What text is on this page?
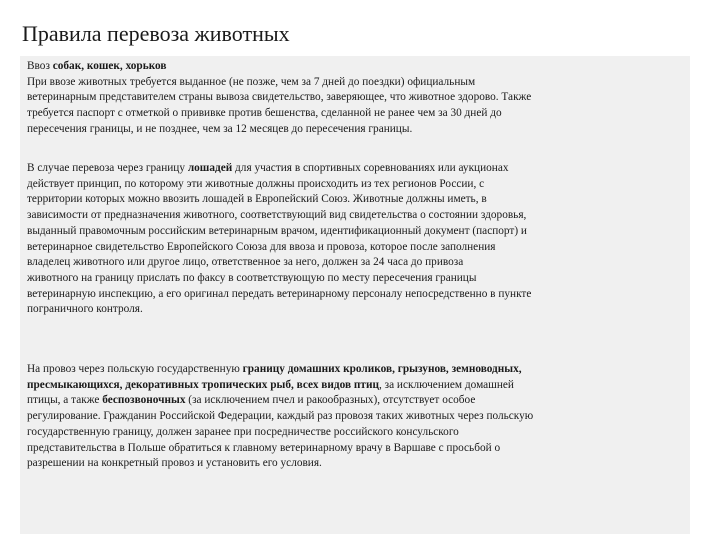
Правила перевоза животных
Ввоз собак, кошек, хорьков
При ввозе животных требуется выданное (не позже, чем за 7 дней до поездки) официальным
ветеринарным представителем страны вывоза свидетельство, заверяющее, что животное здорово. Также
требуется паспорт с отметкой о прививке против бешенства, сделанной не ранее чем за 30 дней до
пересечения границы, и не позднее, чем за 12 месяцев до пересечения границы.
В случае перевоза через границу лошадей для участия в спортивных соревнованиях или аукционах
действует принцип, по которому эти животные должны происходить из тех регионов России, с
территории которых можно ввозить лошадей в Европейский Союз. Животные должны иметь, в
зависимости от предназначения животного, соответствующий вид свидетельства о состоянии здоровья,
выданный правомочным российским ветеринарным врачом, идентификационный документ (паспорт) и
ветеринарное свидетельство Европейского Союза для ввоза и провоза, которое после заполнения
владелец животного или другое лицо, ответственное за него, должен за 24 часа до привоза
животного на границу прислать по факсу в соответствующую по месту пересечения границы
ветеринарную инспекцию, а его оригинал передать ветеринарному персоналу непосредственно в пункте
пограничного контроля.
На провоз через польскую государственную границу домашних кроликов, грызунов, земноводных,
пресмыкающихся, декоративных тропических рыб, всех видов птиц, за исключением домашней
птицы, а также беспозвоночных (за исключением пчел и ракообразных), отсутствует особое
регулирование. Гражданин Российской Федерации, каждый раз провозя таких животных через польскую
государственную границу, должен заранее при посредничестве российского консульского
представительства в Польше обратиться к главному ветеринарному врачу в Варшаве с просьбой о
разрешении на конкретный провоз и установить его условия.
